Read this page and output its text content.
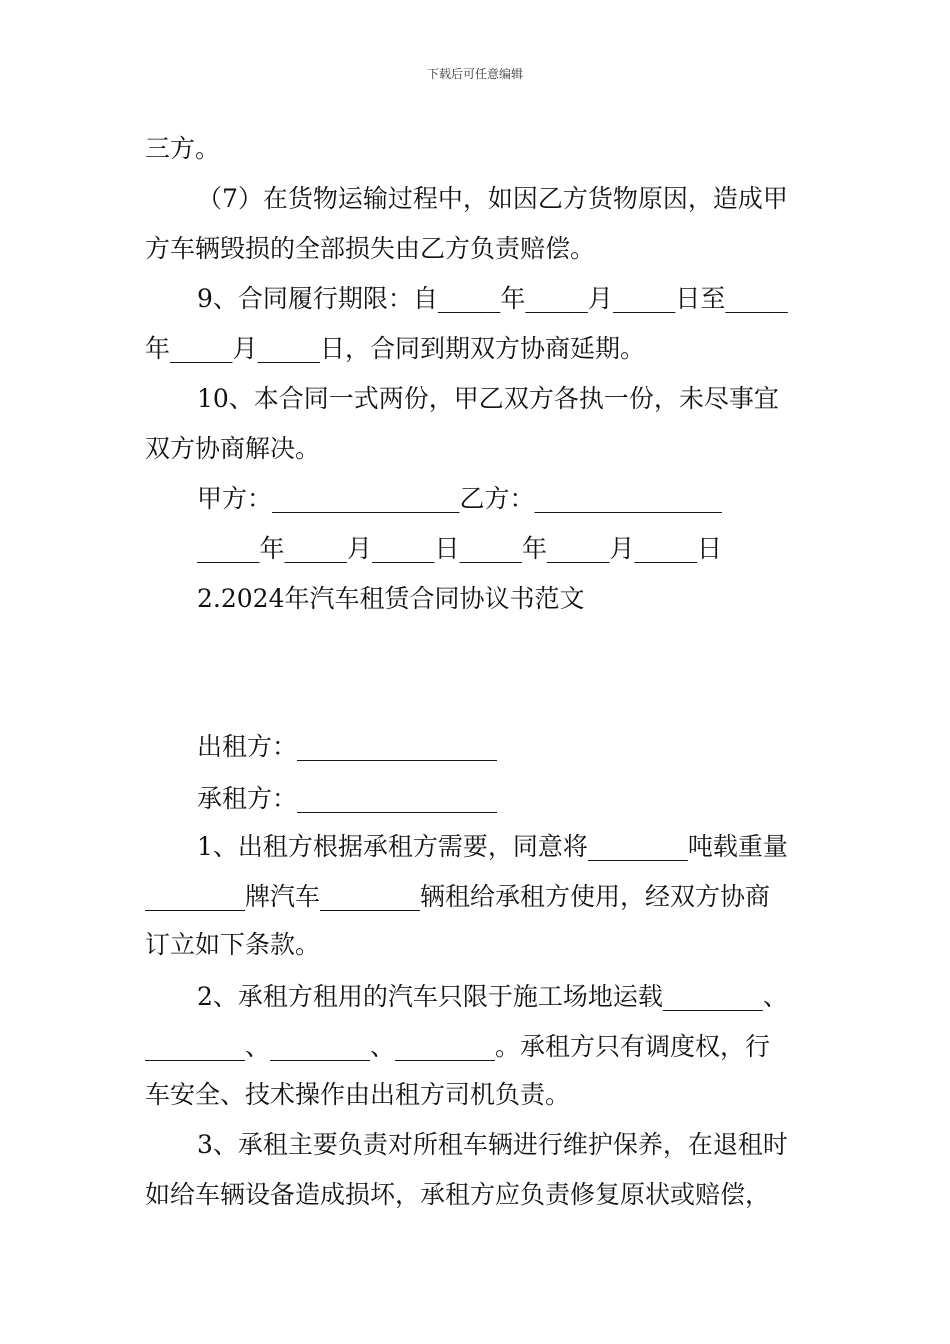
下载后可任意编辑
三方。
（7）在货物运输过程中，如因乙方货物原因，造成甲
方车辆毁损的全部损失由乙方负责赔偿。
9、合同履行期限：自_____年_____月_____日至_____
年_____月_____日，合同到期双方协商延期。
10、本合同一式两份，甲乙双方各执一份，未尽事宜
双方协商解决。
甲方：_______________乙方：_______________
_____年_____月_____日_____年_____月_____日
2.2024年汽车租赁合同协议书范文
出租方：________________
承租方：________________
1、出租方根据承租方需要，同意将________吨载重量
________牌汽车________辆租给承租方使用，经双方协商
订立如下条款。
2、承租方租用的汽车只限于施工场地运载________、
________、________、________。承租方只有调度权，行
车安全、技术操作由出租方司机负责。
3、承租主要负责对所租车辆进行维护保养，在退租时
如给车辆设备造成损坏，承租方应负责修复原状或赔偿，
